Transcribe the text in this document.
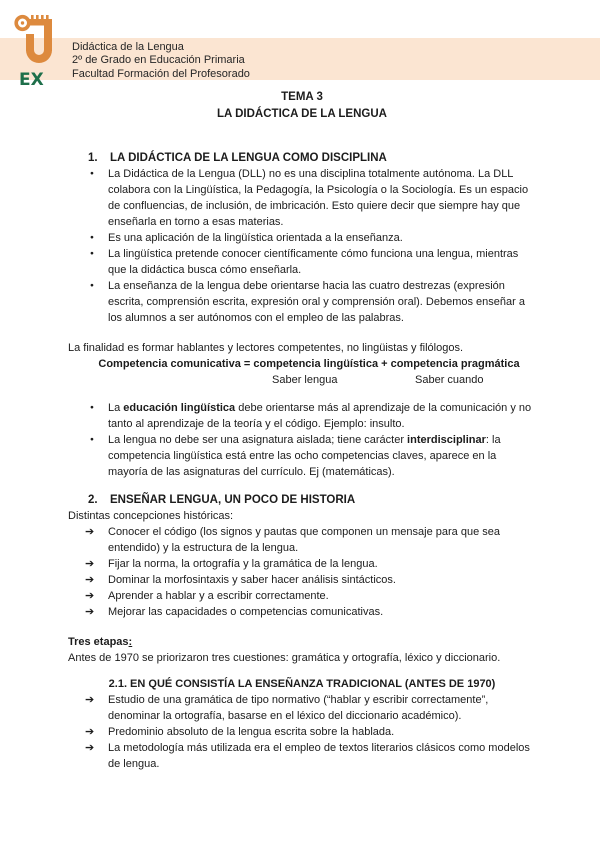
EX
Didáctica de la Lengua
2º de Grado en Educación Primaria
Facultad Formación del Profesorado
TEMA 3
LA DIDÁCTICA DE LA LENGUA
1.	LA DIDÁCTICA DE LA LENGUA COMO DISCIPLINA
●	La Didáctica de la Lengua (DLL) no es una disciplina totalmente autónoma. La DLL colabora con la Lingüística, la Pedagogía, la Psicología o la Sociología. Es un espacio de confluencias, de inclusión, de imbricación. Esto quiere decir que siempre hay que enseñarla en torno a esas materias.
●	Es una aplicación de la lingüística orientada a la enseñanza.
●	La lingüística pretende conocer científicamente cómo funciona una lengua, mientras que la didáctica busca cómo enseñarla.
●	La enseñanza de la lengua debe orientarse hacia las cuatro destrezas (expresión escrita, comprensión escrita, expresión oral y comprensión oral). Debemos enseñar a los alumnos a ser autónomos con el empleo de las palabras.

La finalidad es formar hablantes y lectores competentes, no lingüistas y filólogos.

Competencia comunicativa = competencia lingüística + competencia pragmática

Saber lengua	Saber cuando
●	La educación lingüística debe orientarse más al aprendizaje de la comunicación y no tanto al aprendizaje de la teoría y el código. Ejemplo: insulto.
●	La lengua no debe ser una asignatura aislada; tiene carácter interdisciplinar: la competencia lingüística está entre las ocho competencias claves, aparece en la mayoría de las asignaturas del currículo. Ej (matemáticas).
2.	ENSEÑAR LENGUA, UN POCO DE HISTORIA

Distintas concepciones históricas:

➔	Conocer el código (los signos y pautas que componen un mensaje para que sea entendido) y la estructura de la lengua.
➔	Fijar la norma, la ortografía y la gramática de la lengua.
➔	Dominar la morfosintaxis y saber hacer análisis sintácticos.
➔	Aprender a hablar y a escribir correctamente.
➔	Mejorar las capacidades o competencias comunicativas.

Tres etapas:

Antes de 1970 se priorizaron tres cuestiones: gramática y ortografía, léxico y diccionario.

2.1. EN QUÉ CONSISTÍA LA ENSEÑANZA TRADICIONAL (ANTES DE 1970)
➔	Estudio de una gramática de tipo normativo (“hablar y escribir correctamente”, denominar la ortografía, basarse en el léxico del diccionario académico).
➔	Predominio absoluto de la lengua escrita sobre la hablada.
➔	La metodología más utilizada era el empleo de textos literarios clásicos como modelos de lengua.
